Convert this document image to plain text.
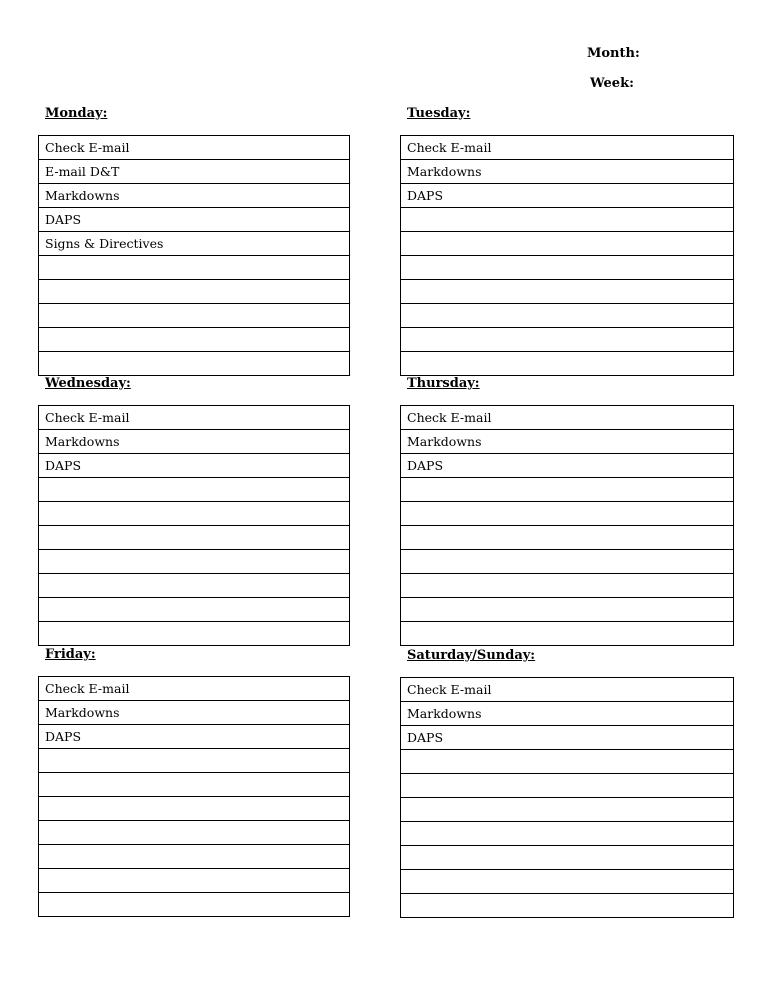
Month:
Week:
Monday:
Check E-mail
E-mail D&T
Markdowns
DAPS
Signs & Directives

Tuesday:
Check E-mail
Markdowns
DAPS

Wednesday:
Check E-mail
Markdowns
DAPS

Thursday:
Check E-mail
Markdowns
DAPS

Friday:
Check E-mail
Markdowns
DAPS

Saturday/Sunday:
Check E-mail
Markdowns
DAPS
